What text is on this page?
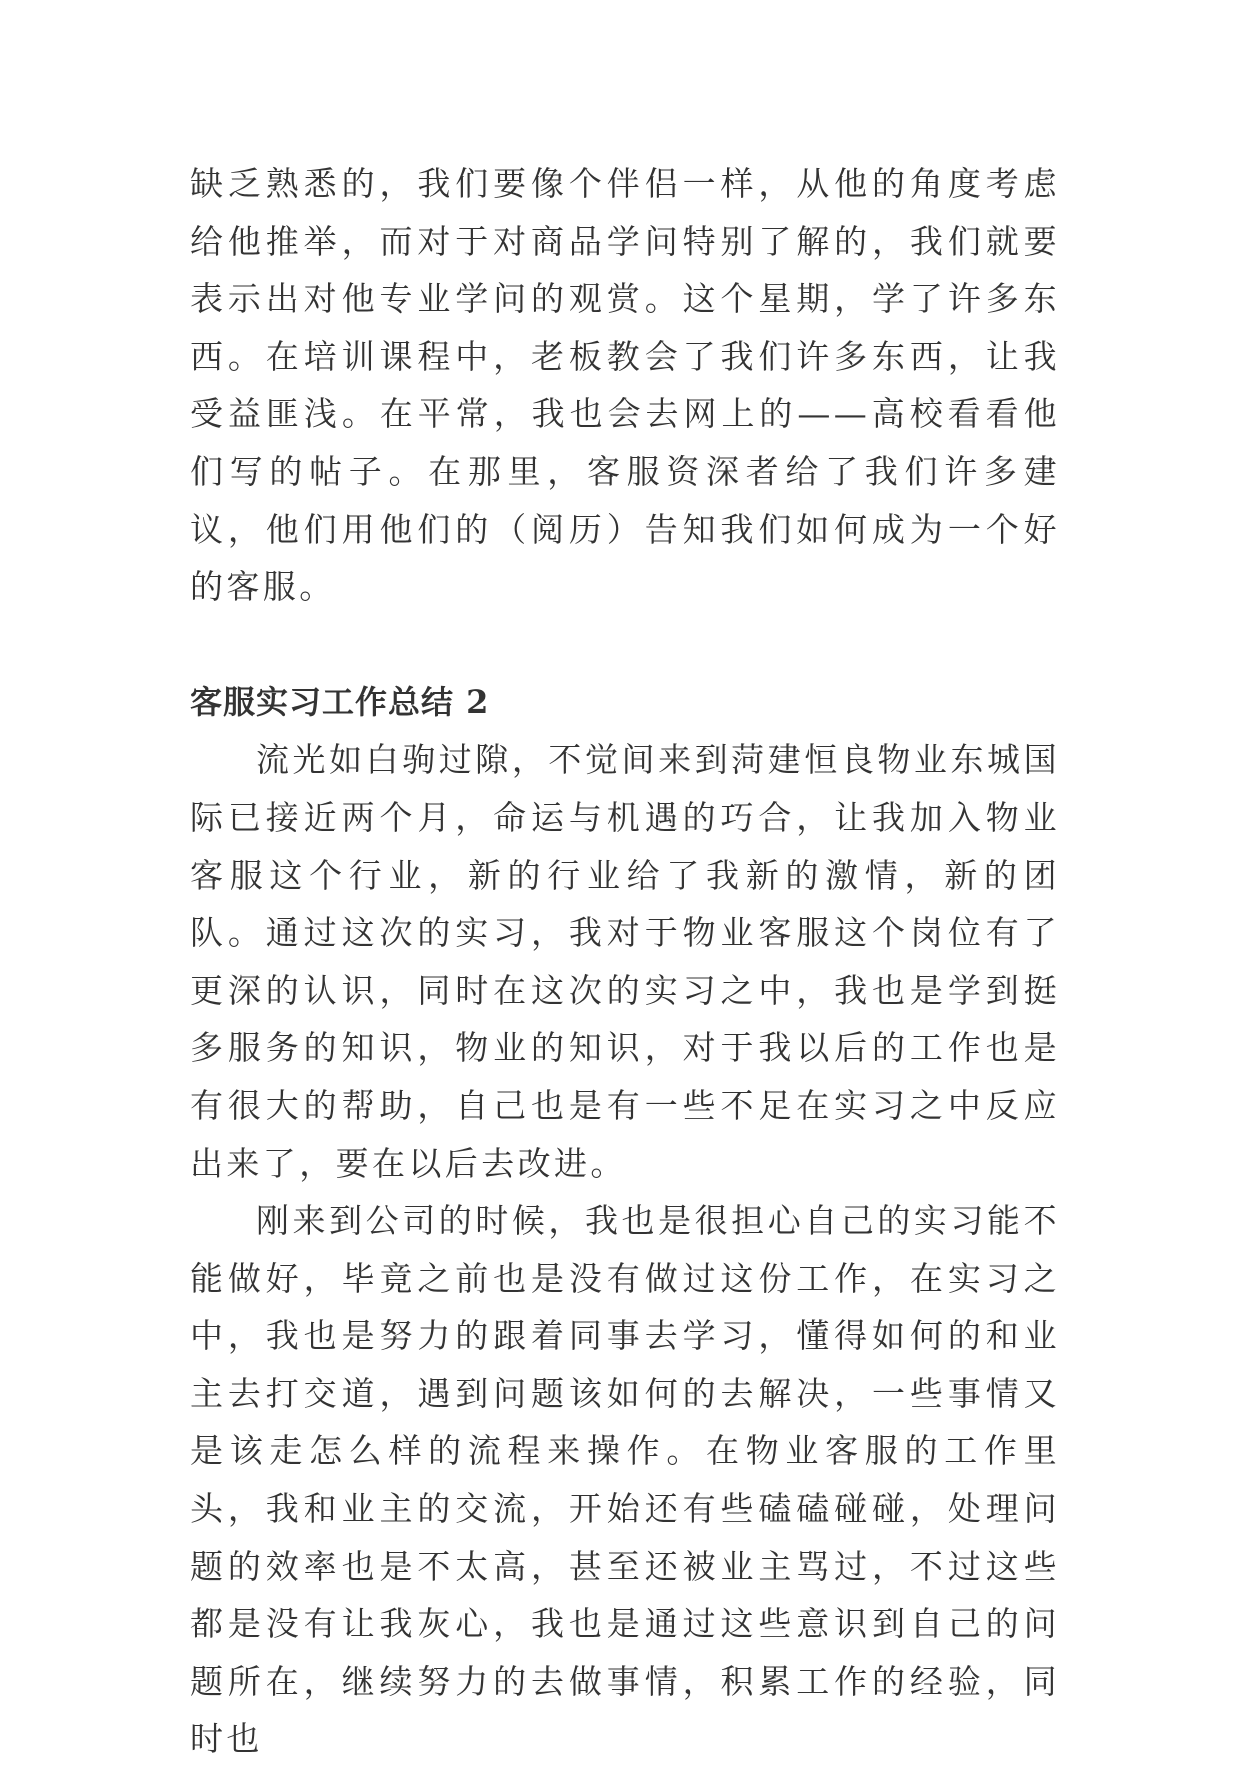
缺乏熟悉的，我们要像个伴侣一样，从他的角度考虑给他推举，而对于对商品学问特别了解的，我们就要表示出对他专业学问的观赏。这个星期，学了许多东西。在培训课程中，老板教会了我们许多东西，让我受益匪浅。在平常，我也会去网上的——高校看看他们写的帖子。在那里，客服资深者给了我们许多建议，他们用他们的（阅历）告知我们如何成为一个好的客服。

客服实习工作总结 2

流光如白驹过隙，不觉间来到菏建恒良物业东城国际已接近两个月，命运与机遇的巧合，让我加入物业客服这个行业，新的行业给了我新的激情，新的团队。通过这次的实习，我对于物业客服这个岗位有了更深的认识，同时在这次的实习之中，我也是学到挺多服务的知识，物业的知识，对于我以后的工作也是有很大的帮助，自己也是有一些不足在实习之中反应出来了，要在以后去改进。

刚来到公司的时候，我也是很担心自己的实习能不能做好，毕竟之前也是没有做过这份工作，在实习之中，我也是努力的跟着同事去学习，懂得如何的和业主去打交道，遇到问题该如何的去解决，一些事情又是该走怎么样的流程来操作。在物业客服的工作里头，我和业主的交流，开始还有些磕磕碰碰，处理问题的效率也是不太高，甚至还被业主骂过，不过这些都是没有让我灰心，我也是通过这些意识到自己的问题所在，继续努力的去做事情，积累工作的经验，同时也
